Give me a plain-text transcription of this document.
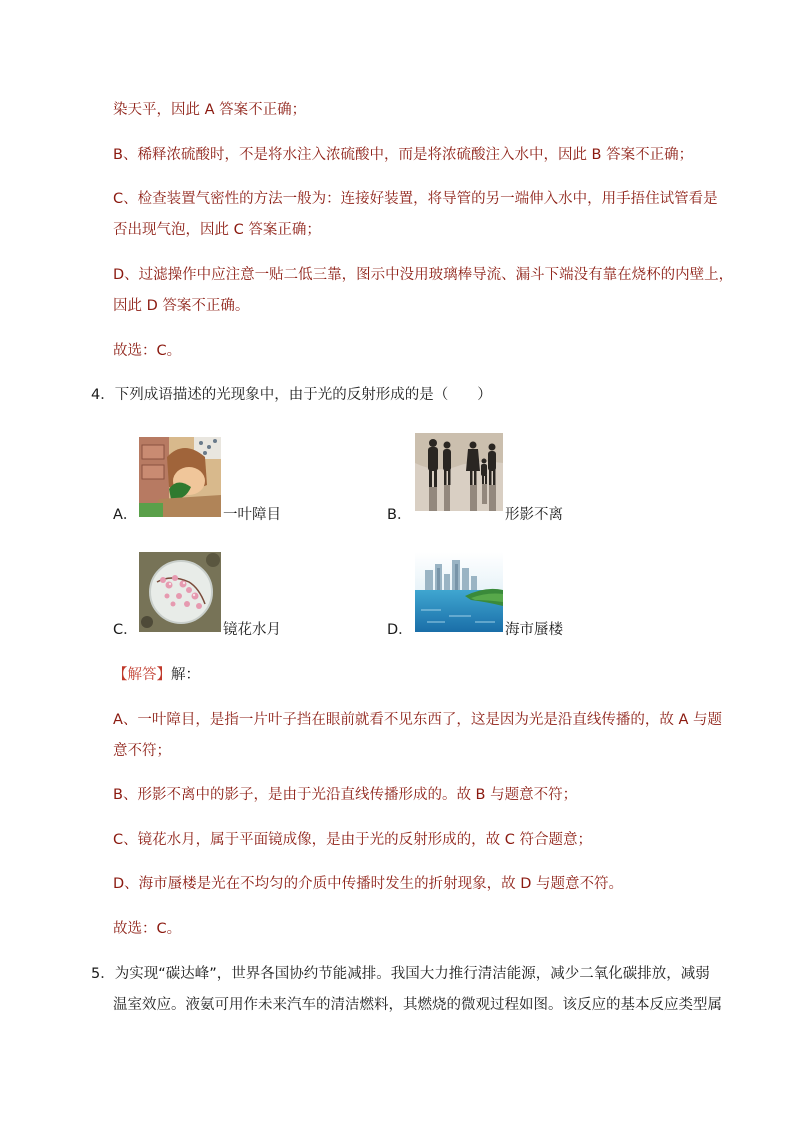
染天平，因此 A 答案不正确；

B、稀释浓硫酸时，不是将水注入浓硫酸中，而是将浓硫酸注入水中，因此 B 答案不正确；

C、检查装置气密性的方法一般为：连接好装置，将导管的另一端伸入水中，用手捂住试管看是

否出现气泡，因此 C 答案正确；

D、过滤操作中应注意一贴二低三靠，图示中没用玻璃棒导流、漏斗下端没有靠在烧杯的内壁上，

因此 D 答案不正确。

故选：C。

4．下列成语描述的光现象中，由于光的反射形成的是（　　）

A．	一叶障目	B．	形影不离
C．	镜花水月	D．	海市蜃楼

【解答】解：

A、一叶障目，是指一片叶子挡在眼前就看不见东西了，这是因为光是沿直线传播的，故 A 与题

意不符；

B、形影不离中的影子，是由于光沿直线传播形成的。故 B 与题意不符；

C、镜花水月，属于平面镜成像，是由于光的反射形成的，故 C 符合题意；

D、海市蜃楼是光在不均匀的介质中传播时发生的折射现象，故 D 与题意不符。

故选：C。

5．为实现“碳达峰”，世界各国协约节能减排。我国大力推行清洁能源，减少二氧化碳排放，减弱

温室效应。液氨可用作未来汽车的清洁燃料，其燃烧的微观过程如图。该反应的基本反应类型属
